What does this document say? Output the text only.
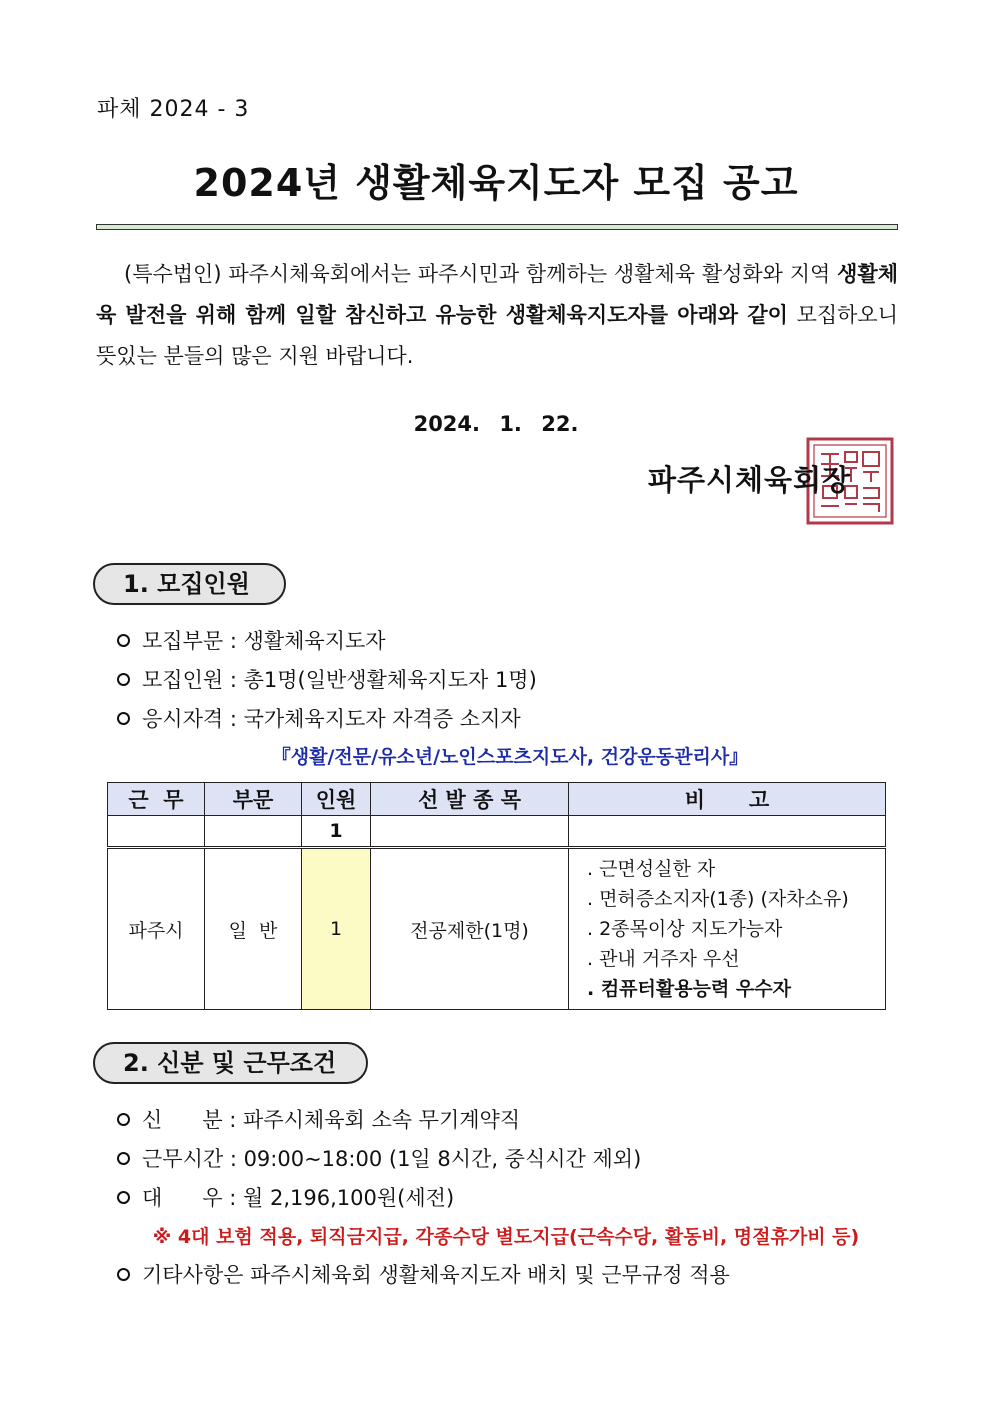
파체 2024 - 3
2024년 생활체육지도자 모집 공고

(특수법인) 파주시체육회에서는 파주시민과 함께하는 생활체육 활성화와 지역 생활체육 발전을 위해 함께 일할 참신하고 유능한 생활체육지도자를 아래와 같이 모집하오니 뜻있는 분들의 많은 지원 바랍니다.

2024. 1. 22.
파주시체육회장
1. 모집인원
모집부문 : 생활체육지도자
모집인원 : 총1명(일반생활체육지도자 1명)
응시자격 : 국가체육지도자 자격증 소지자
『생활/전문/유소년/노인스포츠지도사, 건강운동관리사』
근  무	부문	인원	선 발 종 목	비      고
		1		
파주시	일  반	1	전공제한(1명)	. 근면성실한 자
. 면허증소지자(1종) (자차소유)
. 2종목이상 지도가능자
. 관내 거주자 우선
. 컴퓨터활용능력 우수자
2. 신분 및 근무조건
신      분 : 파주시체육회 소속 무기계약직
근무시간 : 09:00∼18:00 (1일 8시간, 중식시간 제외)
대      우 : 월 2,196,100원(세전)
※ 4대 보험 적용, 퇴직금지급, 각종수당 별도지급(근속수당, 활동비, 명절휴가비 등)
기타사항은 파주시체육회 생활체육지도자 배치 및 근무규정 적용
